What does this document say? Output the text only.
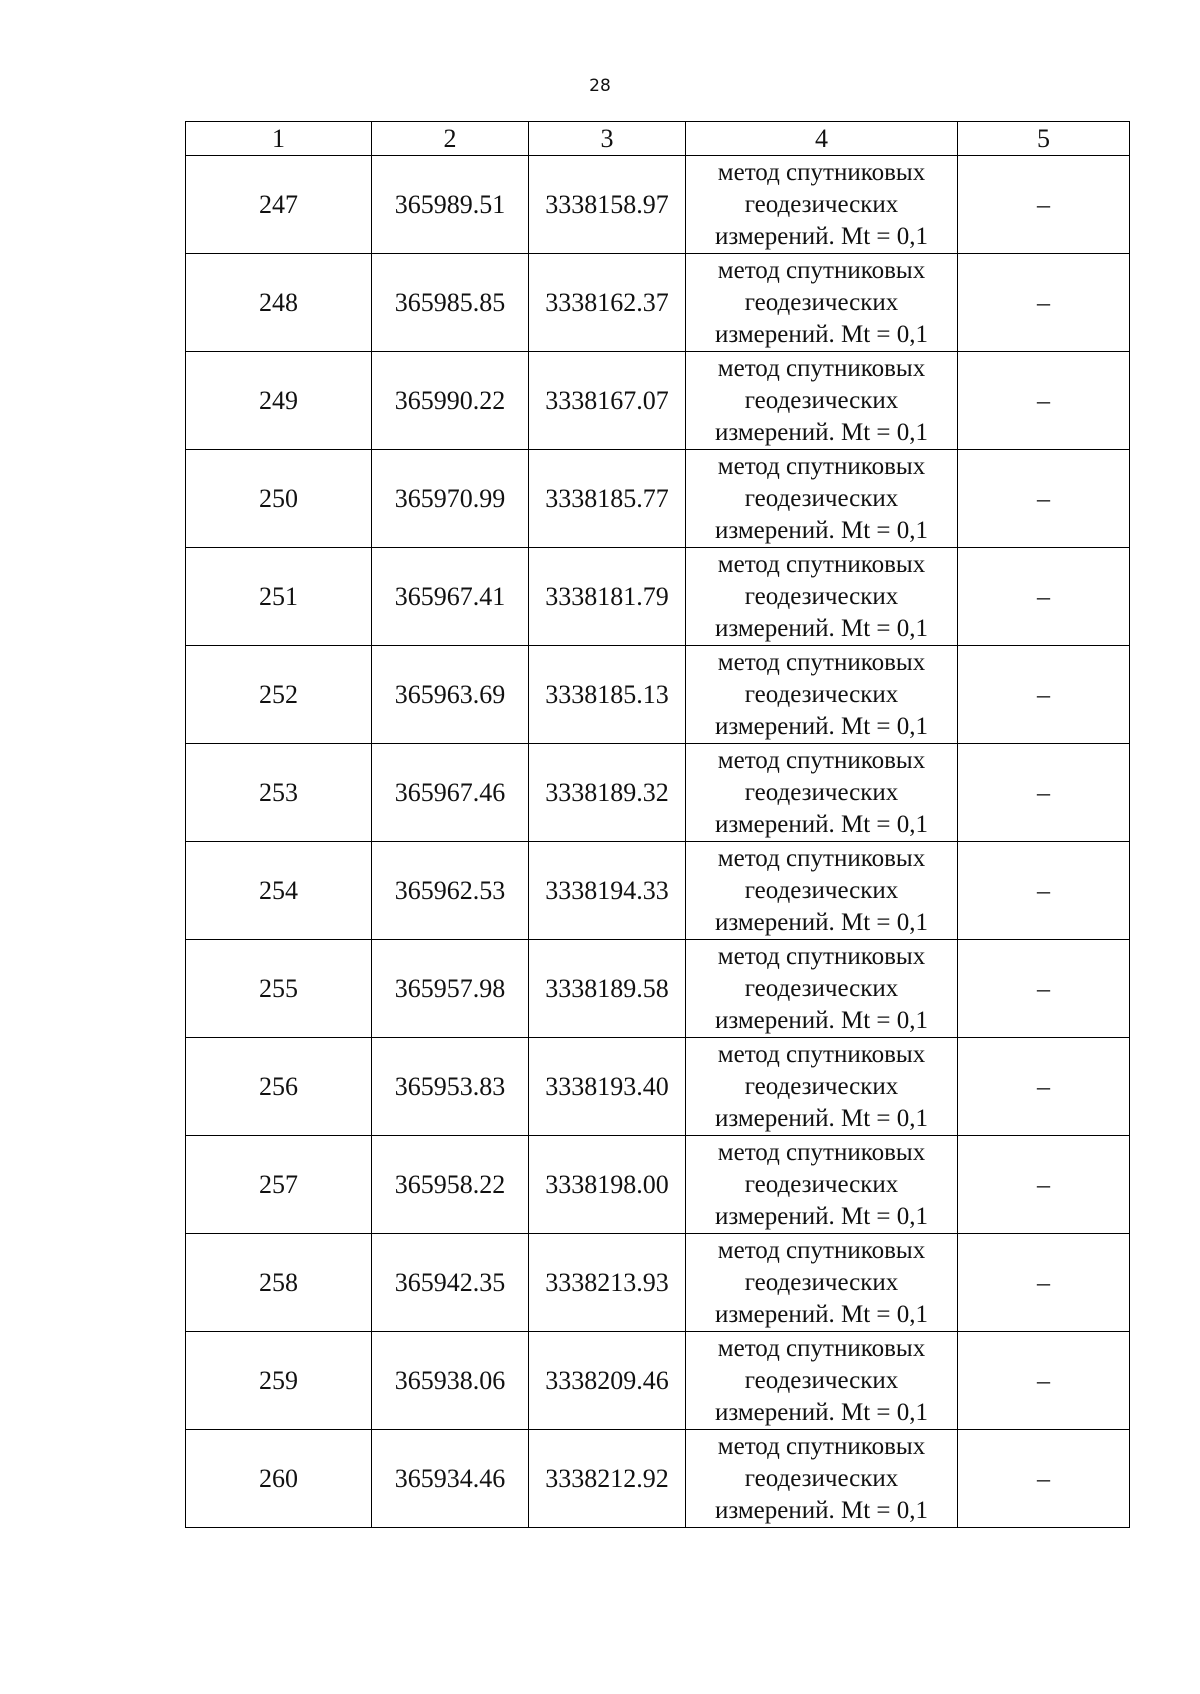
28
1	2	3	4	5
247	365989.51	3338158.97	метод спутниковых
геодезических
измерений. Mt = 0,1	–
248	365985.85	3338162.37	метод спутниковых
геодезических
измерений. Mt = 0,1	–
249	365990.22	3338167.07	метод спутниковых
геодезических
измерений. Mt = 0,1	–
250	365970.99	3338185.77	метод спутниковых
геодезических
измерений. Mt = 0,1	–
251	365967.41	3338181.79	метод спутниковых
геодезических
измерений. Mt = 0,1	–
252	365963.69	3338185.13	метод спутниковых
геодезических
измерений. Mt = 0,1	–
253	365967.46	3338189.32	метод спутниковых
геодезических
измерений. Mt = 0,1	–
254	365962.53	3338194.33	метод спутниковых
геодезических
измерений. Mt = 0,1	–
255	365957.98	3338189.58	метод спутниковых
геодезических
измерений. Mt = 0,1	–
256	365953.83	3338193.40	метод спутниковых
геодезических
измерений. Mt = 0,1	–
257	365958.22	3338198.00	метод спутниковых
геодезических
измерений. Mt = 0,1	–
258	365942.35	3338213.93	метод спутниковых
геодезических
измерений. Mt = 0,1	–
259	365938.06	3338209.46	метод спутниковых
геодезических
измерений. Mt = 0,1	–
260	365934.46	3338212.92	метод спутниковых
геодезических
измерений. Mt = 0,1	–
